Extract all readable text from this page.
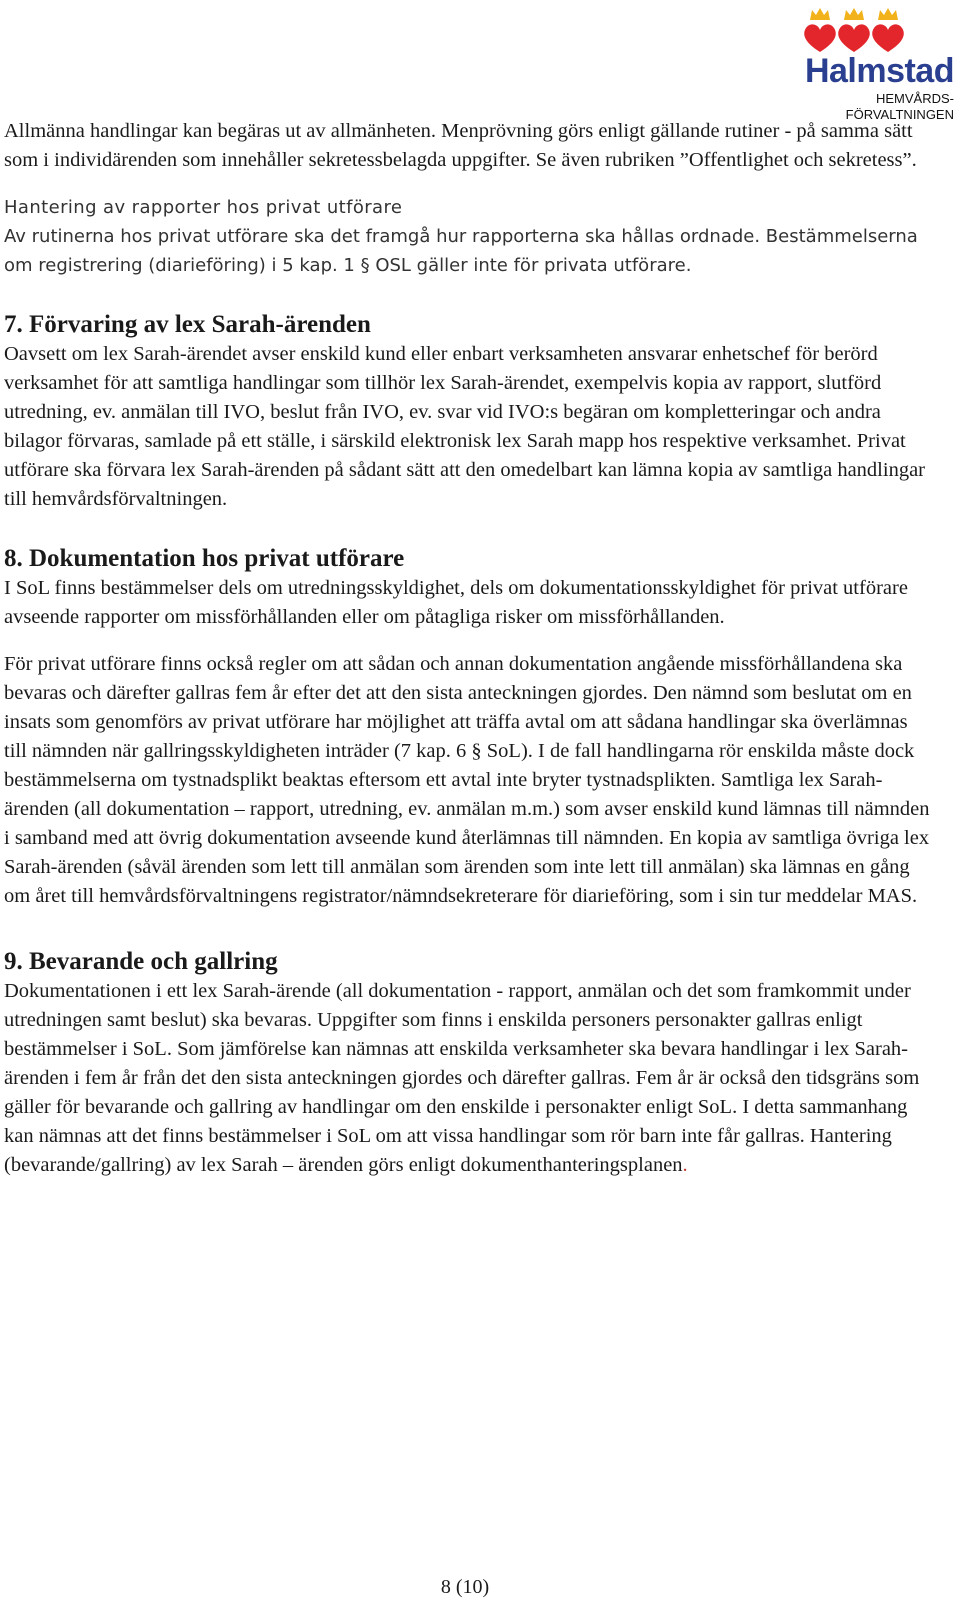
Halmstad
HEMVÅRDS-
FÖRVALTNINGEN

Allmänna handlingar kan begäras ut av allmänheten. Menprövning görs enligt gällande rutiner - på samma sätt som i individärenden som innehåller sekretessbelagda uppgifter. Se även rubriken ”Offentlighet och sekretess”.

Hantering av rapporter hos privat utförare

Av rutinerna hos privat utförare ska det framgå hur rapporterna ska hållas ordnade. Bestämmelserna om registrering (diarieföring) i 5 kap. 1 § OSL gäller inte för privata utförare.

7. Förvaring av lex Sarah-ärenden

Oavsett om lex Sarah-ärendet avser enskild kund eller enbart verksamheten ansvarar enhetschef för berörd verksamhet för att samtliga handlingar som tillhör lex Sarah-ärendet, exempelvis kopia av rapport, slutförd utredning, ev. anmälan till IVO, beslut från IVO, ev. svar vid IVO:s begäran om kompletteringar och andra bilagor förvaras, samlade på ett ställe, i särskild elektronisk lex Sarah mapp hos respektive verksamhet. Privat utförare ska förvara lex Sarah-ärenden på sådant sätt att den omedelbart kan lämna kopia av samtliga handlingar till hemvårdsförvaltningen.

8. Dokumentation hos privat utförare

I SoL finns bestämmelser dels om utredningsskyldighet, dels om dokumentationsskyldighet för privat utförare avseende rapporter om missförhållanden eller om påtagliga risker om missförhållanden.

För privat utförare finns också regler om att sådan och annan dokumentation angående missförhållandena ska bevaras och därefter gallras fem år efter det att den sista anteckningen gjordes. Den nämnd som beslutat om en insats som genomförs av privat utförare har möjlighet att träffa avtal om att sådana handlingar ska överlämnas till nämnden när gallringsskyldigheten inträder (7 kap. 6 § SoL). I de fall handlingarna rör enskilda måste dock bestämmelserna om tystnadsplikt beaktas eftersom ett avtal inte bryter tystnadsplikten. Samtliga lex Sarah- ärenden (all dokumentation – rapport, utredning, ev. anmälan m.m.) som avser enskild kund lämnas till nämnden i samband med att övrig dokumentation avseende kund återlämnas till nämnden. En kopia av samtliga övriga lex Sarah-ärenden (såväl ärenden som lett till anmälan som ärenden som inte lett till anmälan) ska lämnas en gång om året till hemvårdsförvaltningens registrator/nämndsekreterare för diarieföring, som i sin tur meddelar MAS.

9. Bevarande och gallring

Dokumentationen i ett lex Sarah-ärende (all dokumentation - rapport, anmälan och det som framkommit under utredningen samt beslut) ska bevaras. Uppgifter som finns i enskilda personers personakter gallras enligt bestämmelser i SoL. Som jämförelse kan nämnas att enskilda verksamheter ska bevara handlingar i lex Sarah-ärenden i fem år från det den sista anteckningen gjordes och därefter gallras. Fem år är också den tidsgräns som gäller för bevarande och gallring av handlingar om den enskilde i personakter enligt SoL. I detta sammanhang kan nämnas att det finns bestämmelser i SoL om att vissa handlingar som rör barn inte får gallras. Hantering (bevarande/gallring) av lex Sarah – ärenden görs enligt dokumenthanteringsplanen.

8 (10)
